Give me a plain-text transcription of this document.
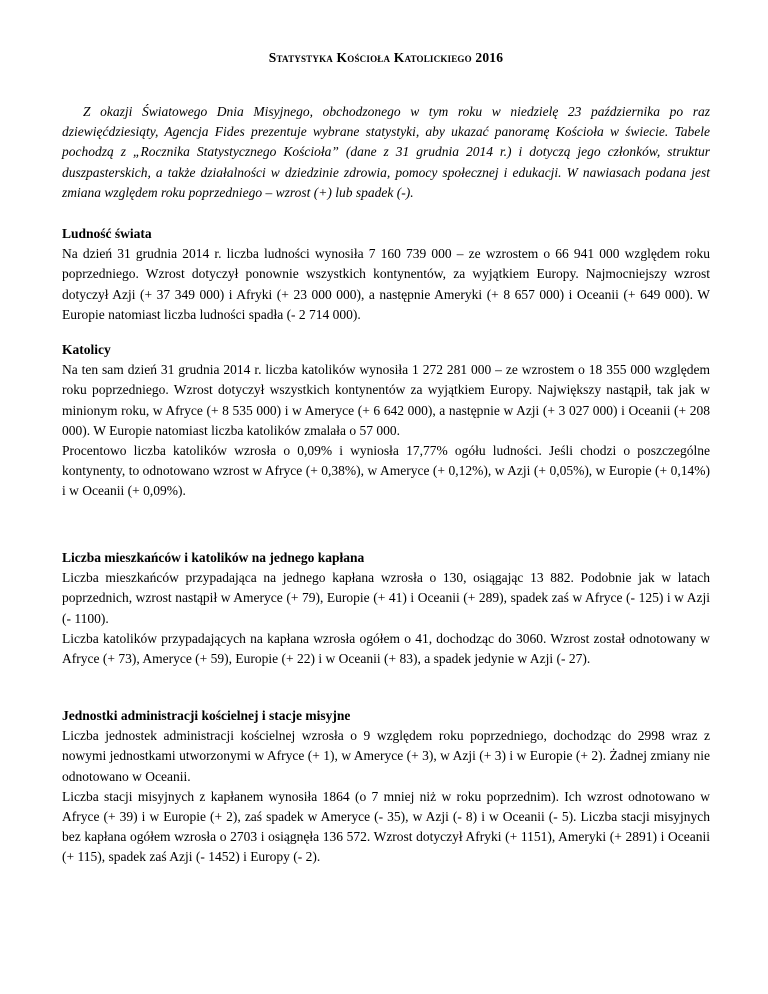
Statystyka Kościoła Katolickiego 2016

Z okazji Światowego Dnia Misyjnego, obchodzonego w tym roku w niedzielę 23 października po raz dziewięćdziesiąty, Agencja Fides prezentuje wybrane statystyki, aby ukazać panoramę Kościoła w świecie. Tabele pochodzą z „Rocznika Statystycznego Kościoła” (dane z 31 grudnia 2014 r.) i dotyczą jego członków, struktur duszpasterskich, a także działalności w dziedzinie zdrowia, pomocy społecznej i edukacji. W nawiasach podana jest zmiana względem roku poprzedniego – wzrost (+) lub spadek (-).

Ludność świata

Na dzień 31 grudnia 2014 r. liczba ludności wynosiła 7 160 739 000 – ze wzrostem o 66 941 000 względem roku poprzedniego. Wzrost dotyczył ponownie wszystkich kontynentów, za wyjątkiem Europy. Najmocniejszy wzrost dotyczył Azji (+ 37 349 000) i Afryki (+ 23 000 000), a następnie Ameryki (+ 8 657 000) i Oceanii (+ 649 000). W Europie natomiast liczba ludności spadła (- 2 714 000).

Katolicy

Na ten sam dzień 31 grudnia 2014 r. liczba katolików wynosiła 1 272 281 000 – ze wzrostem o 18 355 000 względem roku poprzedniego. Wzrost dotyczył wszystkich kontynentów za wyjątkiem Europy. Największy nastąpił, tak jak w minionym roku, w Afryce (+ 8 535 000) i w Ameryce (+ 6 642 000), a następnie w Azji (+ 3 027 000) i Oceanii (+ 208 000). W Europie natomiast liczba katolików zmalała o 57 000.

Procentowo liczba katolików wzrosła o 0,09% i wyniosła 17,77% ogółu ludności. Jeśli chodzi o poszczególne kontynenty, to odnotowano wzrost w Afryce (+ 0,38%), w Ameryce (+ 0,12%), w Azji (+ 0,05%), w Europie (+ 0,14%) i w Oceanii (+ 0,09%).

Liczba mieszkańców i katolików na jednego kapłana

Liczba mieszkańców przypadająca na jednego kapłana wzrosła o 130, osiągając 13 882. Podobnie jak w latach poprzednich, wzrost nastąpił w Ameryce (+ 79), Europie (+ 41) i Oceanii (+ 289), spadek zaś w Afryce (- 125) i w Azji (- 1100).

Liczba katolików przypadających na kapłana wzrosła ogółem o 41, dochodząc do 3060. Wzrost został odnotowany w Afryce (+ 73), Ameryce (+ 59), Europie (+ 22) i w Oceanii (+ 83), a spadek jedynie w Azji (- 27).

Jednostki administracji kościelnej i stacje misyjne

Liczba jednostek administracji kościelnej wzrosła o 9 względem roku poprzedniego, dochodząc do 2998 wraz z nowymi jednostkami utworzonymi w Afryce (+ 1), w Ameryce (+ 3), w Azji (+ 3) i w Europie (+ 2). Żadnej zmiany nie odnotowano w Oceanii.

Liczba stacji misyjnych z kapłanem wynosiła 1864 (o 7 mniej niż w roku poprzednim). Ich wzrost odnotowano w Afryce (+ 39) i w Europie (+ 2), zaś spadek w Ameryce (- 35), w Azji (- 8) i w Oceanii (- 5). Liczba stacji misyjnych bez kapłana ogółem wzrosła o 2703 i osiągnęła 136 572. Wzrost dotyczył Afryki (+ 1151), Ameryki (+ 2891) i Oceanii (+ 115), spadek zaś Azji (- 1452) i Europy (- 2).
